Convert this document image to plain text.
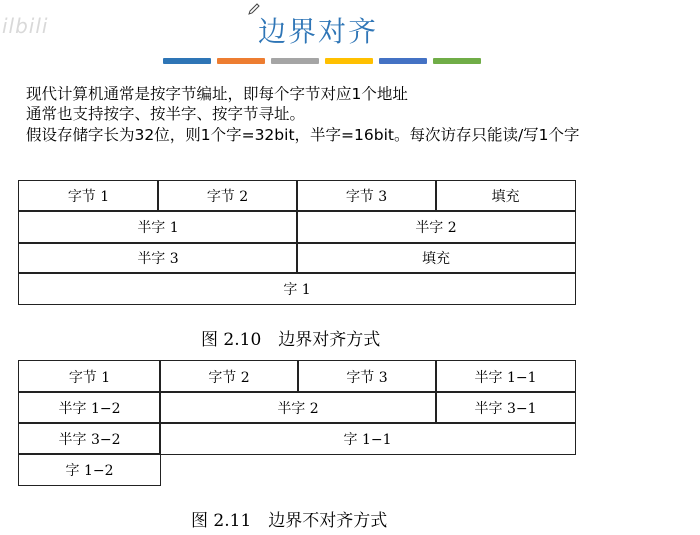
ilbili	边界对齐
现代计算机通常是按字节编址，即每个字节对应1个地址
通常也支持按字、按半字、按字节寻址。
假设存储字长为32位，则1个字=32bit，半字=16bit。每次访存只能读/写1个字
字节 1	字节 2	字节 3	填充
半字 1	半字 2
半字 3	填充
字 1
图 2.10　边界对齐方式
字节 1	字节 2	字节 3	半字 1−1
半字 1−2	半字 2	半字 3−1
半字 3−2	字 1−1
字 1−2
图 2.11　边界不对齐方式
